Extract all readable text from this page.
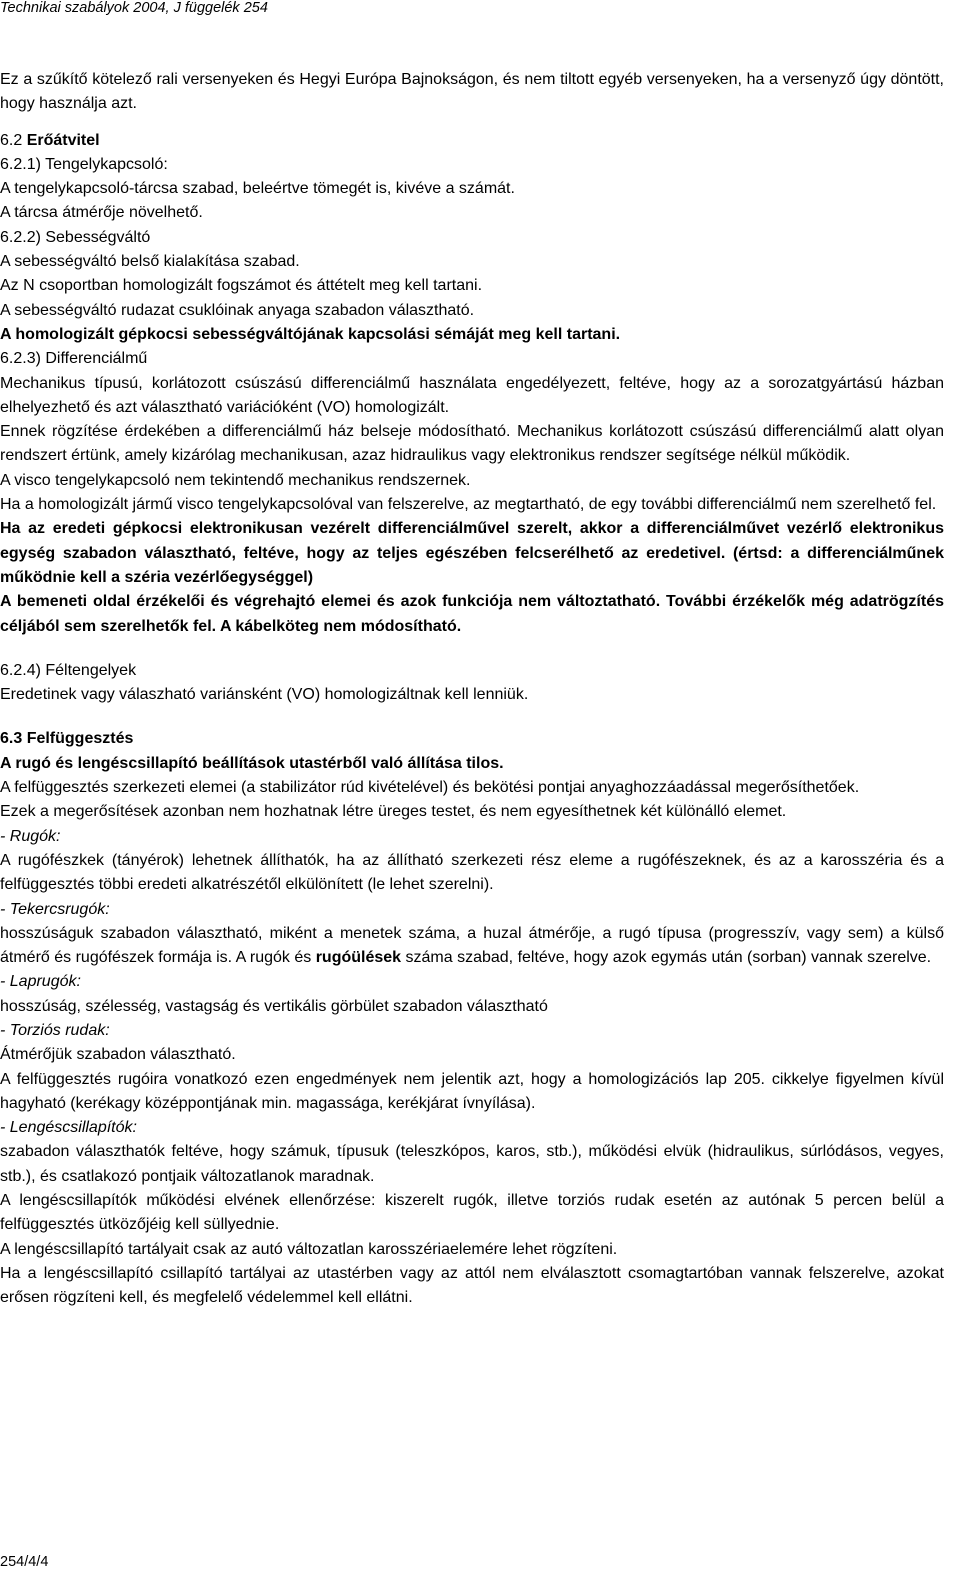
Technikai szabályok 2004, J függelék 254

Ez a szűkítő kötelező rali versenyeken és Hegyi Európa Bajnokságon, és nem tiltott egyéb versenyeken, ha a versenyző úgy döntött, hogy használja azt.

6.2 Erőátvitel

6.2.1) Tengelykapcsoló:

A tengelykapcsoló-tárcsa szabad, beleértve tömegét is, kivéve a számát.

A tárcsa átmérője növelhető.

6.2.2) Sebességváltó

A sebességváltó belső kialakítása szabad.

Az N csoportban homologizált fogszámot és áttételt meg kell tartani.

A sebességváltó rudazat csuklóinak anyaga szabadon választható.

A homologizált gépkocsi sebességváltójának kapcsolási sémáját meg kell tartani.

6.2.3) Differenciálmű

Mechanikus típusú, korlátozott csúszású differenciálmű használata engedélyezett, feltéve, hogy az a sorozatgyártású házban elhelyezhető és azt választható variációként (VO) homologizált.

Ennek rögzítése érdekében a differenciálmű ház belseje módosítható. Mechanikus korlátozott csúszású differenciálmű alatt olyan rendszert értünk, amely kizárólag mechanikusan, azaz hidraulikus vagy elektronikus rendszer segítsége nélkül működik.

A visco tengelykapcsoló nem tekintendő mechanikus rendszernek.

Ha a homologizált jármű visco tengelykapcsolóval van felszerelve, az megtartható, de egy további differenciálmű nem szerelhető fel.

Ha az eredeti gépkocsi elektronikusan vezérelt differenciálművel szerelt, akkor a differenciálművet vezérlő elektronikus egység szabadon választható, feltéve, hogy az teljes egészében felcserélhető az eredetivel. (értsd: a differenciálműnek működnie kell a széria vezérlőegységgel)

A bemeneti oldal érzékelői és végrehajtó elemei és azok funkciója nem változtatható. További érzékelők még adatrögzítés céljából sem szerelhetők fel. A kábelköteg nem módosítható.

6.2.4) Féltengelyek

Eredetinek vagy válaszható variánsként (VO) homologizáltnak kell lenniük.

6.3 Felfüggesztés

A rugó és lengéscsillapító beállítások utastérből való állítása tilos.

A felfüggesztés szerkezeti elemei (a stabilizátor rúd kivételével) és bekötési pontjai anyaghozzáadással megerősíthetőek.

Ezek a megerősítések azonban nem hozhatnak létre üreges testet, és nem egyesíthetnek két különálló elemet.

- Rugók:

A rugófészkek (tányérok) lehetnek állíthatók, ha az állítható szerkezeti rész eleme a rugófészeknek, és az a karosszéria és a felfüggesztés többi eredeti alkatrészétől elkülönített (le lehet szerelni).

- Tekercsrugók:

hosszúságuk szabadon választható, miként a menetek száma, a huzal átmérője, a rugó típusa (progresszív, vagy sem) a külső átmérő és rugófészek formája is. A rugók és rugóülések száma szabad, feltéve, hogy azok egymás után (sorban) vannak szerelve.

- Laprugók:

hosszúság, szélesség, vastagság és vertikális görbület szabadon választható

- Torziós rudak:

Átmérőjük szabadon választható.

A felfüggesztés rugóira vonatkozó ezen engedmények nem jelentik azt, hogy a homologizációs lap 205. cikkelye figyelmen kívül hagyható (kerékagy középpontjának min. magassága, kerékjárat ívnyílása).

- Lengéscsillapítók:

szabadon választhatók feltéve, hogy számuk, típusuk (teleszkópos, karos, stb.), működési elvük (hidraulikus, súrlódásos, vegyes, stb.), és csatlakozó pontjaik változatlanok maradnak.

A lengéscsillapítók működési elvének ellenőrzése: kiszerelt rugók, illetve torziós rudak esetén az autónak 5 percen belül a felfüggesztés ütközőjéig kell süllyednie.

A lengéscsillapító tartályait csak az autó változatlan karosszériaelemére lehet rögzíteni.

Ha a lengéscsillapító csillapító tartályai az utastérben vagy az attól nem elválasztott csomagtartóban vannak felszerelve, azokat erősen rögzíteni kell, és megfelelő védelemmel kell ellátni.

254/4/4
